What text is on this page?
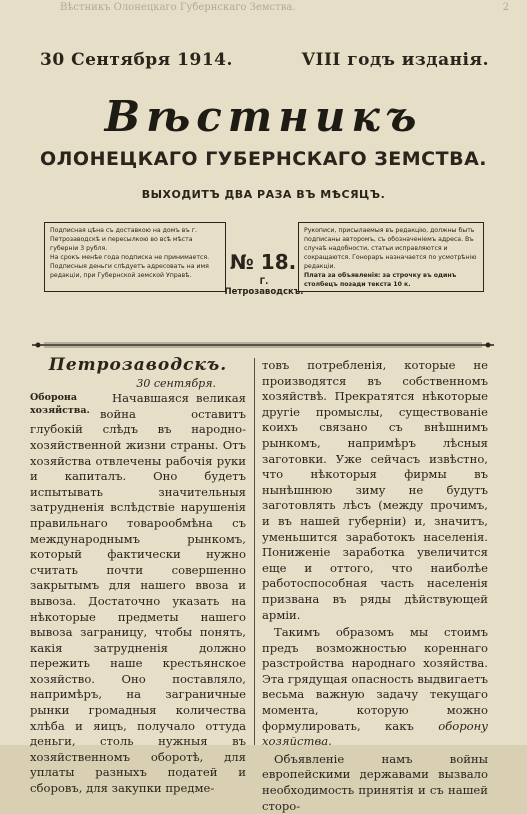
Вѣстникъ Олонецкаго Губернскаго Земства.	2
30 Сентября 1914.	VIII годъ изданія.
Вѣстникъ
ОЛОНЕЦКАГО ГУБЕРНСКАГО ЗЕМСТВА.
ВЫХОДИТЪ ДВА РАЗА ВЪ МѢСЯЦЪ.

Подписная цѣна съ доставкою на домъ въ г. Петрозаводскѣ и пересылкою во всѣ мѣста губерніи 3 рубля.

На срокъ менѣе года подписка не принимается.

Подписныя деньги слѣдуетъ адресовать на имя редакціи, при Губернской земской Управѣ.

№ 18.
Г. Петрозаводскъ.

Рукописи, присылаемыя въ редакцію, должны быть подписаны авторомъ, съ обозначеніемъ адреса. Въ случаѣ надобности, статьи исправляются и сокращаются. Гонораръ назначается по усмотрѣнію редакціи.

Плата за объявленія: за строчку въ одинъ столбецъ позади текста 10 к.

Петрозаводскъ.
30 сентября.
Оборона хозяйства.

Начавшаяся великая война оставитъ глубокій слѣдъ въ народно-хозяйственной жизни страны. Отъ хозяйства отвлечены рабочія руки и капиталъ. Оно будетъ испытывать значительныя затрудненія вслѣдствіе нарушенія правильнаго товарообмѣна съ международнымъ рынкомъ, который фактически нужно считать почти совершенно закрытымъ для нашего ввоза и вывоза. Достаточно указать на нѣкоторые предметы нашего вывоза заграницу, чтобы понять, какія затрудненія должно пережить наше крестьянское хозяйство. Оно поставляло, напримѣръ, на заграничные рынки громадныя количества хлѣба и яицъ, получало оттуда деньги, столь нужныя въ хозяйственномъ оборотѣ, для уплаты разныхъ податей и сборовъ, для закупки предме-

товъ потребленія, которые не производятся въ собственномъ хозяйствѣ. Прекратятся нѣкоторые другіе промыслы, существованіе коихъ связано съ внѣшнимъ рынкомъ, напримѣръ лѣсныя заготовки. Уже сейчасъ извѣстно, что нѣкоторыя фирмы въ нынѣшнюю зиму не будутъ заготовлять лѣсъ (между прочимъ, и въ нашей губерніи) и, значитъ, уменьшится заработокъ населенія. Пониженіе заработка увеличится еще и оттого, что наиболѣе работоспособная часть населенія призвана въ ряды дѣйствующей арміи.

Такимъ образомъ мы стоимъ предъ возможностью кореннаго разстройства народнаго хозяйства. Эта грядущая опасность выдвигаетъ весьма важную задачу текущаго момента, которую можно формулировать, какъ оборону хозяйства.

Объявленіе намъ войны европейскими державами вызвало необходимость принятія и съ нашей сторо-
